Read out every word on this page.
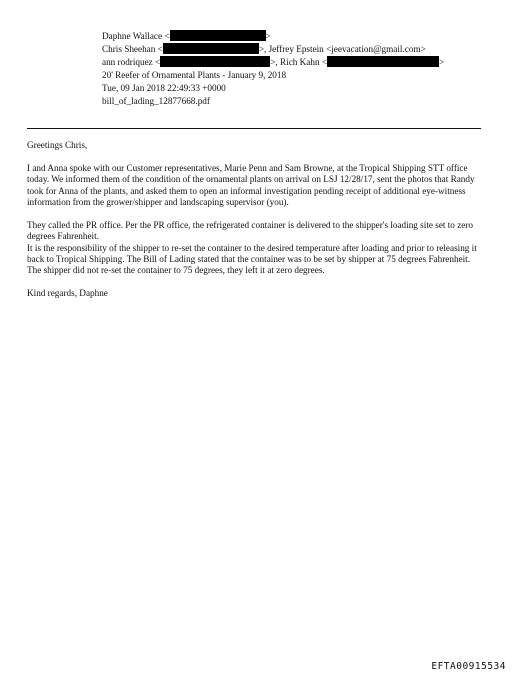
Daphne Wallace <	>
Chris Sheehan <	>, Jeffrey Epstein <jeevacation@gmail.com>
ann rodriquez <	>, Rich Kahn <	>
20' Reefer of Ornamental Plants - January 9, 2018
Tue, 09 Jan 2018 22:49:33 +0000
bill_of_lading_12877668.pdf

Greetings Chris,

I and Anna spoke with our Customer representatives, Marie Penn and Sam Browne, at the Tropical Shipping STT office today. We informed them of the condition of the ornamental plants on arrival on LSJ 12/28/17, sent the photos that Randy took for Anna of the plants, and asked them to open an informal investigation pending receipt of additional eye-witness information from the grower/shipper and landscaping supervisor (you).

They called the PR office. Per the PR office, the refrigerated container is delivered to the shipper's loading site set to zero degrees Fahrenheit.
It is the responsibility of the shipper to re-set the container to the desired temperature after loading and prior to releasing it back to Tropical Shipping. The Bill of Lading stated that the container was to be set by shipper at 75 degrees Fahrenheit. The shipper did not re-set the container to 75 degrees, they left it at zero degrees.

Kind regards, Daphne

EFTA00915534
